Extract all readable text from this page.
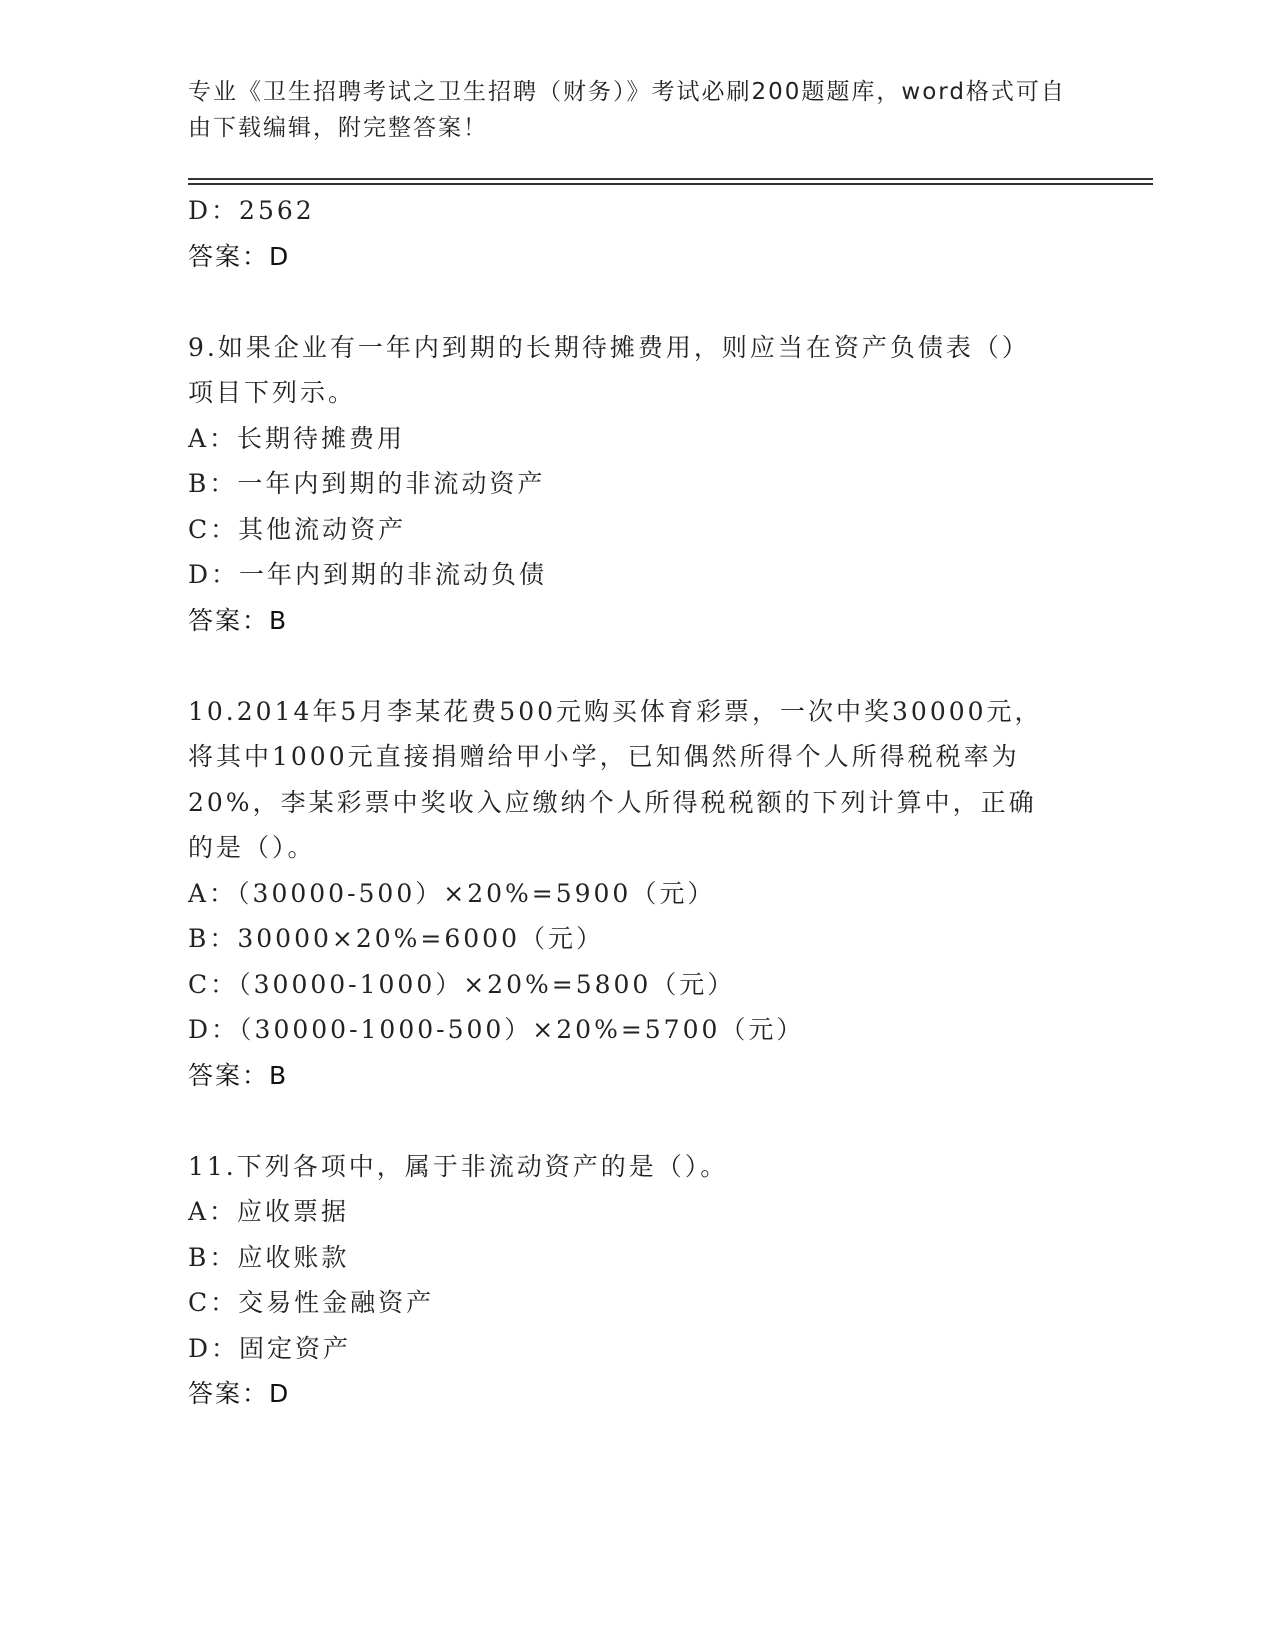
专业《卫生招聘考试之卫生招聘（财务）》考试必刷200题题库，word格式可自由下载编辑，附完整答案！
D：2562
答案：D
9.如果企业有一年内到期的长期待摊费用，则应当在资产负债表（）项目下列示。
A：长期待摊费用
B：一年内到期的非流动资产
C：其他流动资产
D：一年内到期的非流动负债
答案：B
10.2014年5月李某花费500元购买体育彩票，一次中奖30000元，将其中1000元直接捐赠给甲小学，已知偶然所得个人所得税税率为20%，李某彩票中奖收入应缴纳个人所得税税额的下列计算中，正确的是（）。
A：（30000-500）×20%=5900（元）
B：30000×20%=6000（元）
C：（30000-1000）×20%=5800（元）
D：（30000-1000-500）×20%=5700（元）
答案：B
11.下列各项中，属于非流动资产的是（）。
A：应收票据
B：应收账款
C：交易性金融资产
D：固定资产
答案：D
